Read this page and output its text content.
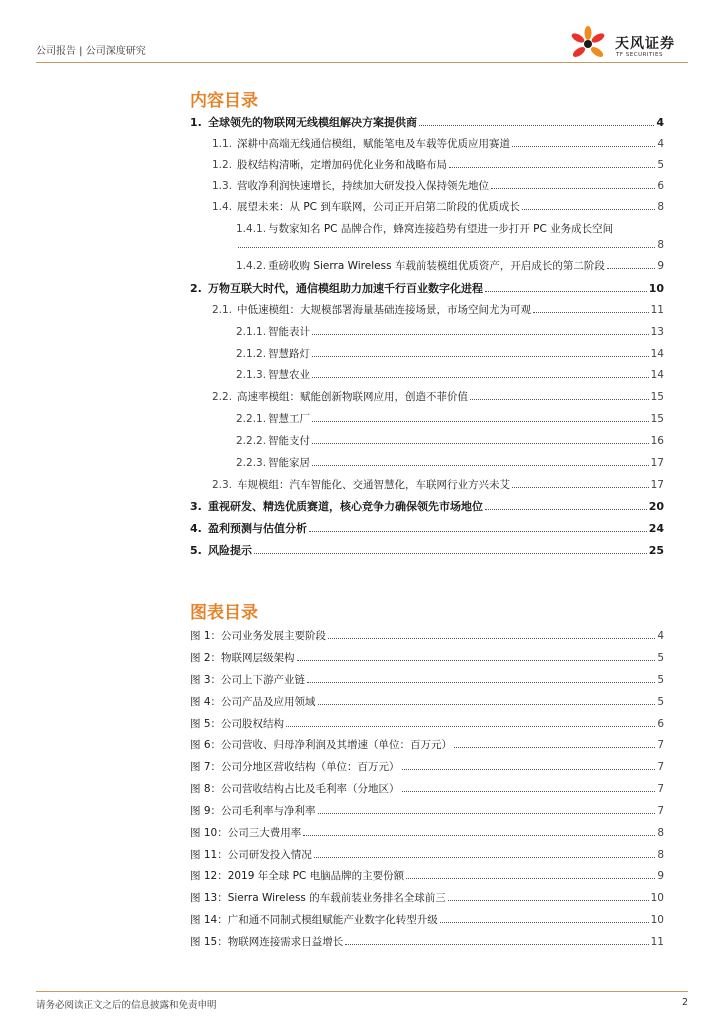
公司报告 | 公司深度研究	天风证券
TF SECURITIES
内容目录
1. 全球领先的物联网无线模组解决方案提供商	4
1.1. 深耕中高端无线通信模组，赋能笔电及车载等优质应用赛道	4
1.2. 股权结构清晰，定增加码优化业务和战略布局	5
1.3. 营收净利润快速增长，持续加大研发投入保持领先地位	6
1.4. 展望未来：从 PC 到车联网，公司正开启第二阶段的优质成长	8
1.4.1. 与数家知名 PC 品牌合作，蜂窝连接趋势有望进一步打开 PC 业务成长空间
8
1.4.2. 重磅收购 Sierra Wireless 车载前装模组优质资产，开启成长的第二阶段	9
2. 万物互联大时代，通信模组助力加速千行百业数字化进程	10
2.1. 中低速模组：大规模部署海量基础连接场景，市场空间尤为可观	11
2.1.1. 智能表计	13
2.1.2. 智慧路灯	14
2.1.3. 智慧农业	14
2.2. 高速率模组：赋能创新物联网应用，创造不菲价值	15
2.2.1. 智慧工厂	15
2.2.2. 智能支付	16
2.2.3. 智能家居	17
2.3. 车规模组：汽车智能化、交通智慧化，车联网行业方兴未艾	17
3. 重视研发、精选优质赛道，核心竞争力确保领先市场地位	20
4. 盈利预测与估值分析	24
5. 风险提示	25
图表目录
图 1：公司业务发展主要阶段	4
图 2：物联网层级架构	5
图 3：公司上下游产业链	5
图 4：公司产品及应用领域	5
图 5：公司股权结构	6
图 6：公司营收、归母净利润及其增速（单位：百万元）	7
图 7：公司分地区营收结构（单位：百万元）	7
图 8：公司营收结构占比及毛利率（分地区）	7
图 9：公司毛利率与净利率	7
图 10：公司三大费用率	8
图 11：公司研发投入情况	8
图 12：2019 年全球 PC 电脑品牌的主要份额	9
图 13：Sierra Wireless 的车载前装业务排名全球前三	10
图 14：广和通不同制式模组赋能产业数字化转型升级	10
图 15：物联网连接需求日益增长	11
请务必阅读正文之后的信息披露和免责申明	2
